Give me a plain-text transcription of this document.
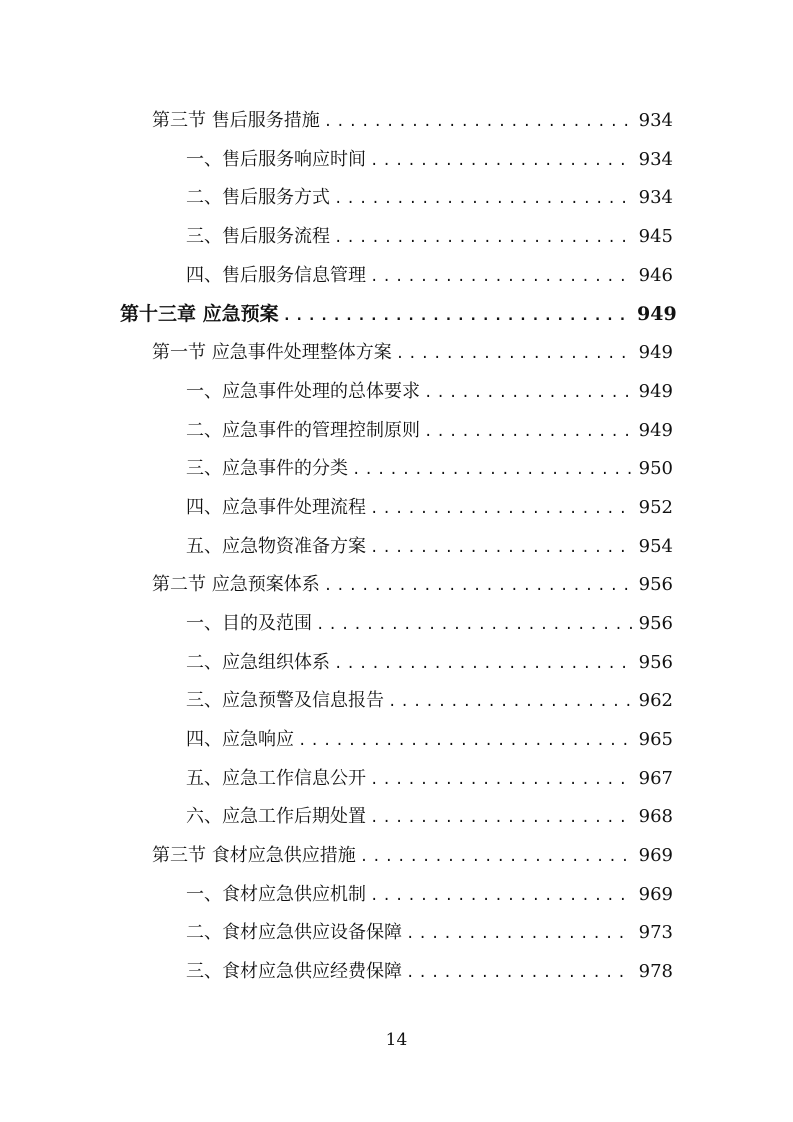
第三节 售后服务措施 .....	934
一、售后服务响应时间 .....	934
二、售后服务方式 .....	934
三、售后服务流程 .....	945
四、售后服务信息管理 .....	946
第十三章 应急预案 .....	949
第一节 应急事件处理整体方案 .....	949
一、应急事件处理的总体要求 .....	949
二、应急事件的管理控制原则 .....	949
三、应急事件的分类 .....	950
四、应急事件处理流程 .....	952
五、应急物资准备方案 .....	954
第二节 应急预案体系 .....	956
一、目的及范围 .....	956
二、应急组织体系 .....	956
三、应急预警及信息报告 .....	962
四、应急响应 .....	965
五、应急工作信息公开 .....	967
六、应急工作后期处置 .....	968
第三节 食材应急供应措施 .....	969
一、食材应急供应机制 .....	969
二、食材应急供应设备保障 .....	973
三、食材应急供应经费保障 .....	978
14
